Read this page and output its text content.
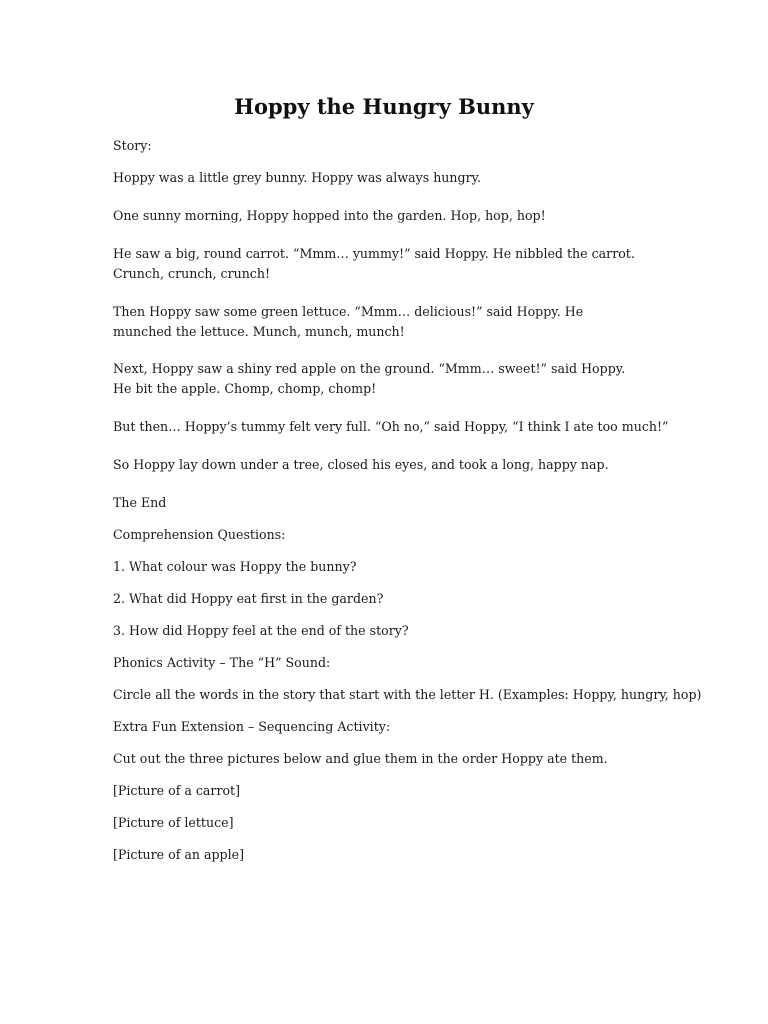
Hoppy the Hungry Bunny

Story:

Hoppy was a little grey bunny. Hoppy was always hungry.

One sunny morning, Hoppy hopped into the garden. Hop, hop, hop!

He saw a big, round carrot. “Mmm… yummy!” said Hoppy. He nibbled the carrot. Crunch, crunch, crunch!

Then Hoppy saw some green lettuce. “Mmm… delicious!” said Hoppy. He munched the lettuce. Munch, munch, munch!

Next, Hoppy saw a shiny red apple on the ground. “Mmm… sweet!” said Hoppy. He bit the apple. Chomp, chomp, chomp!

But then… Hoppy’s tummy felt very full. “Oh no,” said Hoppy, “I think I ate too much!”

So Hoppy lay down under a tree, closed his eyes, and took a long, happy nap.

The End

Comprehension Questions:

1. What colour was Hoppy the bunny?

2. What did Hoppy eat first in the garden?

3. How did Hoppy feel at the end of the story?

Phonics Activity – The “H” Sound:

Circle all the words in the story that start with the letter H. (Examples: Hoppy, hungry, hop)

Extra Fun Extension – Sequencing Activity:

Cut out the three pictures below and glue them in the order Hoppy ate them.

[Picture of a carrot]

[Picture of lettuce]

[Picture of an apple]
